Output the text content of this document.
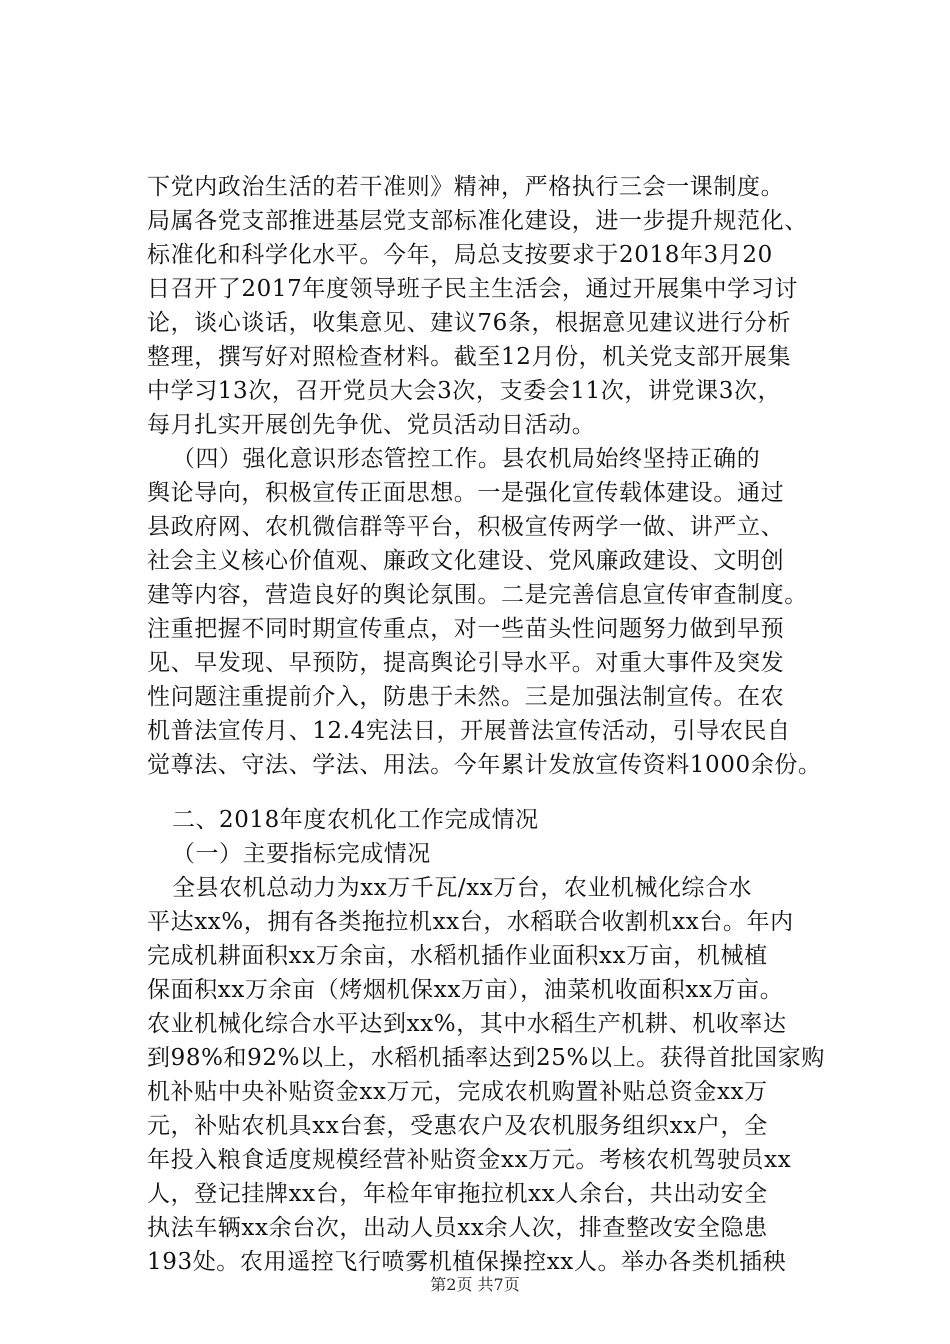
下党内政治生活的若干准则》精神，严格执行三会一课制度。
局属各党支部推进基层党支部标准化建设，进一步提升规范化、
标准化和科学化水平。今年，局总支按要求于2018年3月20
日召开了2017年度领导班子民主生活会，通过开展集中学习讨
论，谈心谈话，收集意见、建议76条，根据意见建议进行分析
整理，撰写好对照检查材料。截至12月份，机关党支部开展集
中学习13次，召开党员大会3次，支委会11次，讲党课3次，
每月扎实开展创先争优、党员活动日活动。
（四）强化意识形态管控工作。县农机局始终坚持正确的
舆论导向，积极宣传正面思想。一是强化宣传载体建设。通过
县政府网、农机微信群等平台，积极宣传两学一做、讲严立、
社会主义核心价值观、廉政文化建设、党风廉政建设、文明创
建等内容，营造良好的舆论氛围。二是完善信息宣传审查制度。
注重把握不同时期宣传重点，对一些苗头性问题努力做到早预
见、早发现、早预防，提高舆论引导水平。对重大事件及突发
性问题注重提前介入，防患于未然。三是加强法制宣传。在农
机普法宣传月、12.4宪法日，开展普法宣传活动，引导农民自
觉尊法、守法、学法、用法。今年累计发放宣传资料1000余份。
二、2018年度农机化工作完成情况
（一）主要指标完成情况
全县农机总动力为xx万千瓦/xx万台，农业机械化综合水
平达xx%，拥有各类拖拉机xx台，水稻联合收割机xx台。年内
完成机耕面积xx万余亩，水稻机插作业面积xx万亩，机械植
保面积xx万余亩（烤烟机保xx万亩），油菜机收面积xx万亩。
农业机械化综合水平达到xx%，其中水稻生产机耕、机收率达
到98%和92%以上，水稻机插率达到25%以上。获得首批国家购
机补贴中央补贴资金xx万元，完成农机购置补贴总资金xx万
元，补贴农机具xx台套，受惠农户及农机服务组织xx户，全
年投入粮食适度规模经营补贴资金xx万元。考核农机驾驶员xx
人，登记挂牌xx台，年检年审拖拉机xx人余台，共出动安全
执法车辆xx余台次，出动人员xx余人次，排查整改安全隐患
193处。农用遥控飞行喷雾机植保操控xx人。举办各类机插秧
第2页 共7页
